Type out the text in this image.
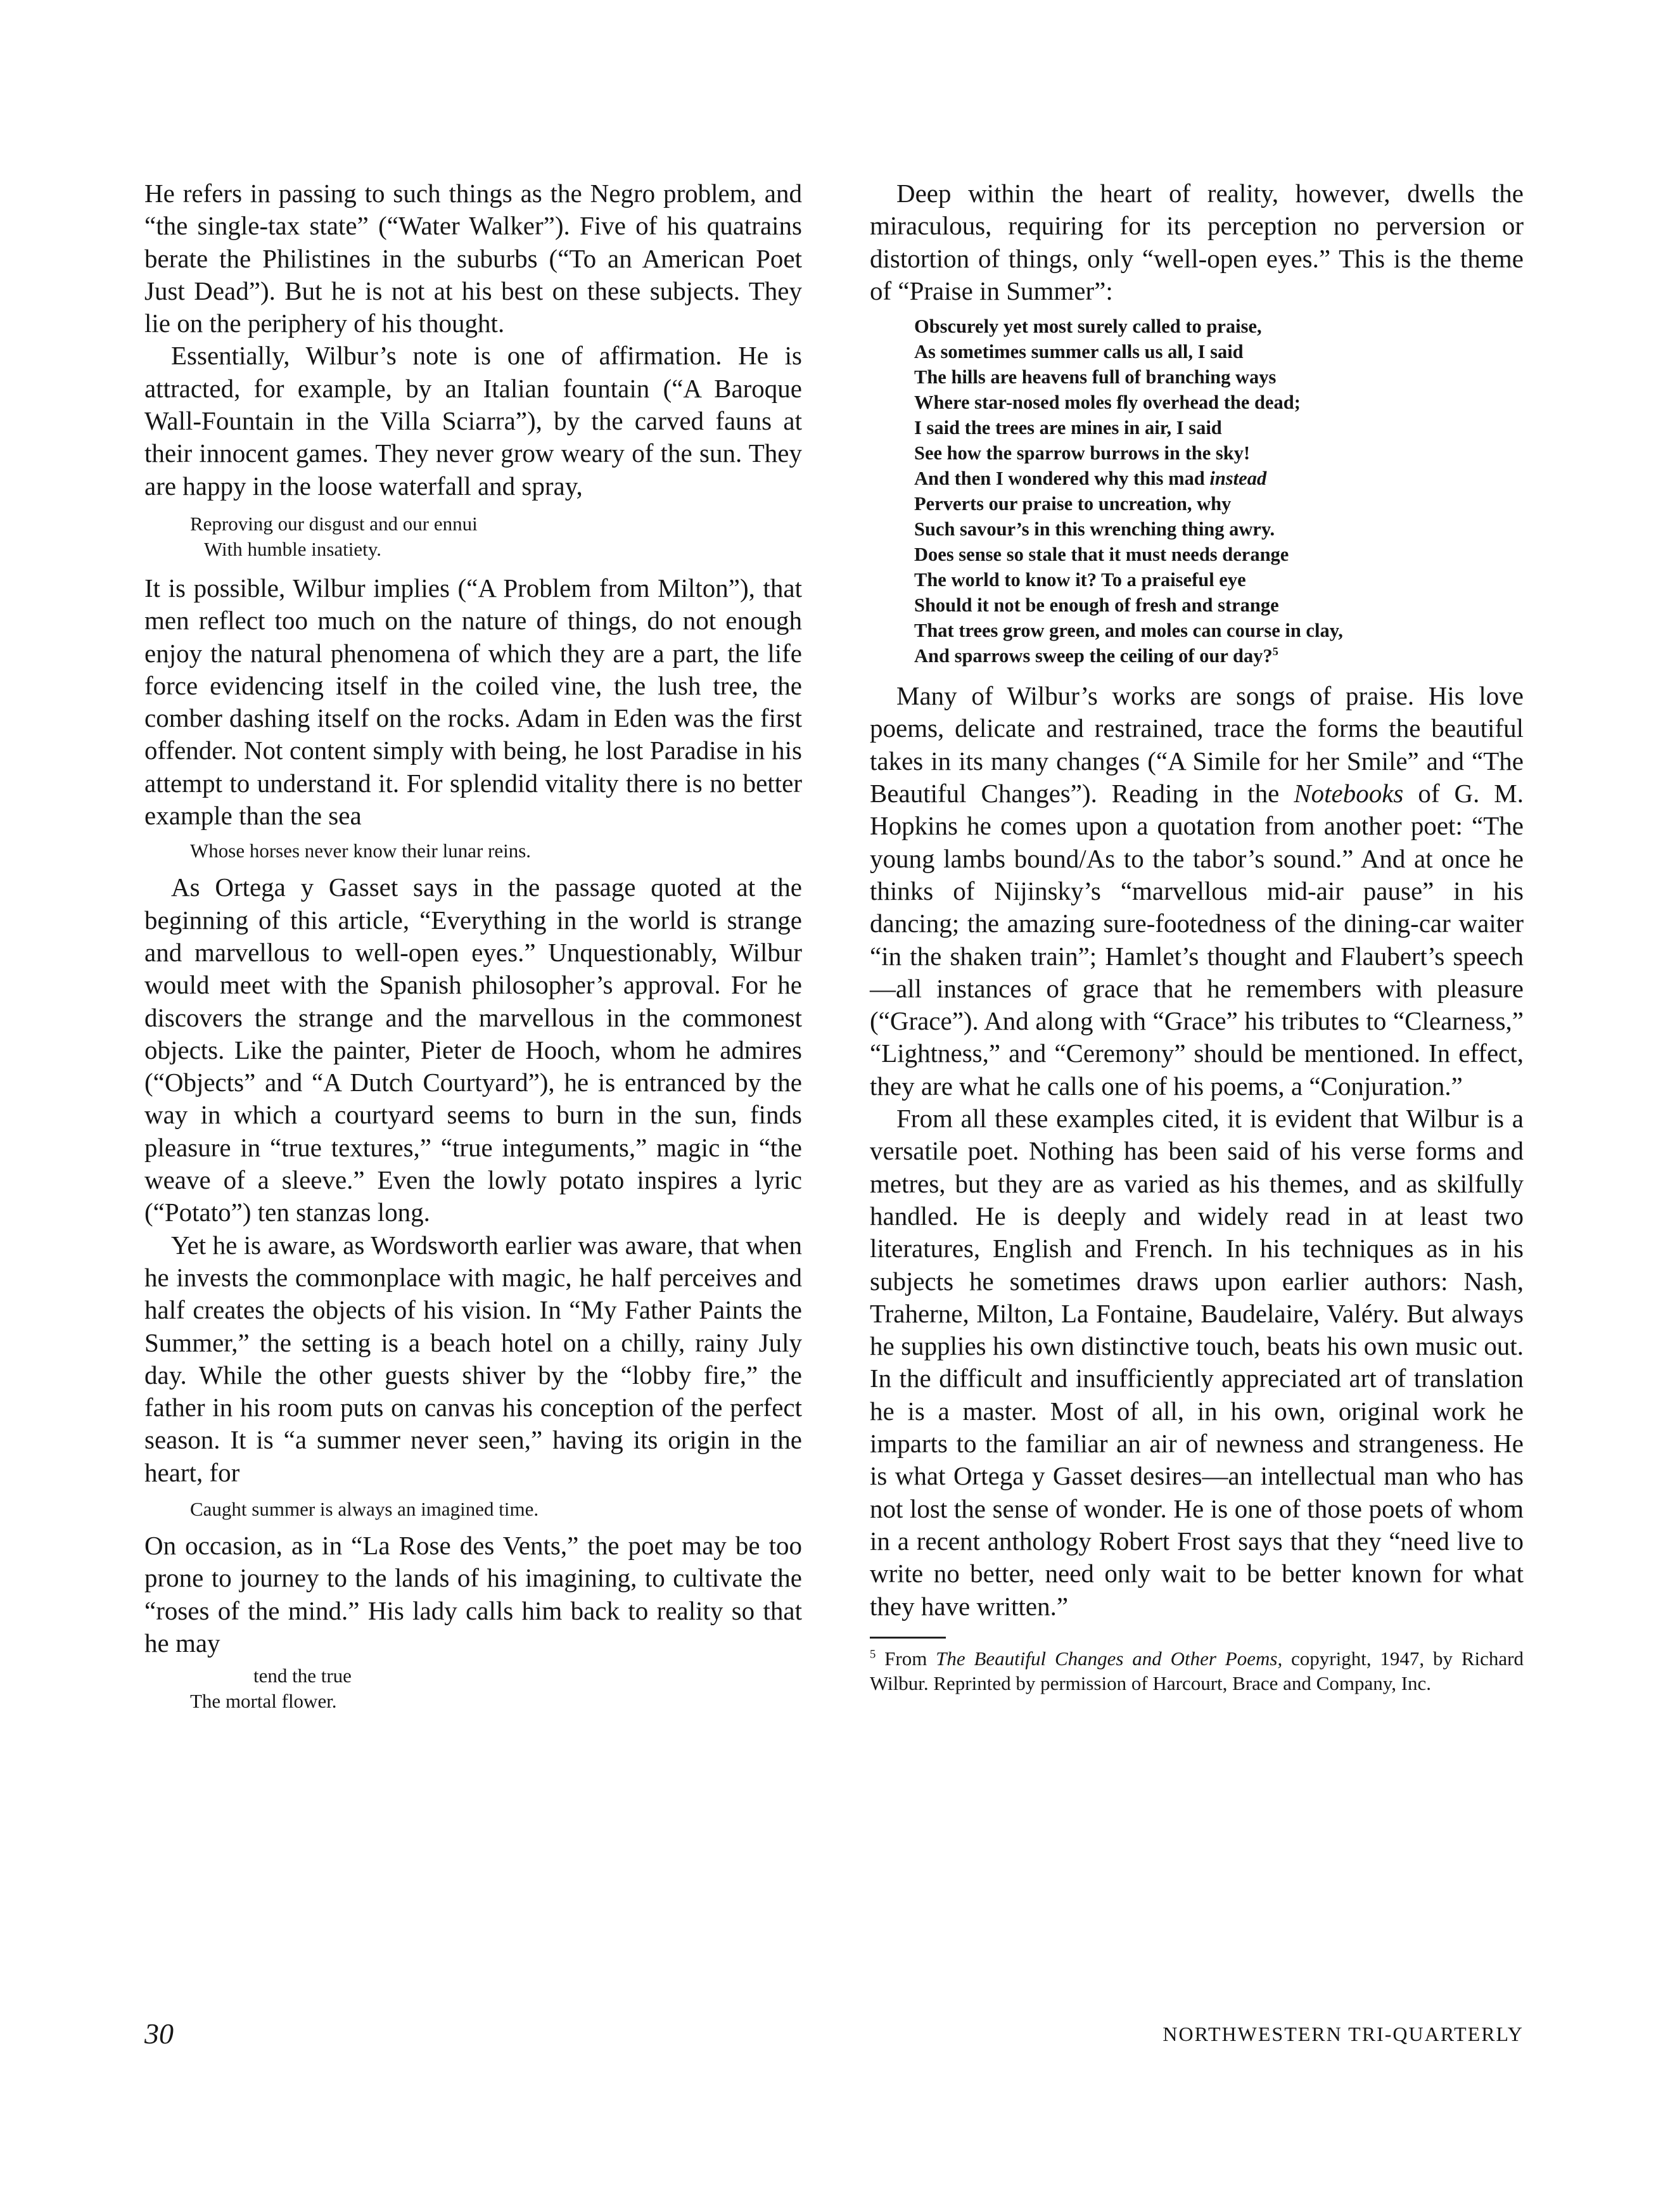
He refers in passing to such things as the Negro problem, and “the single-tax state” (“Water Walker”). Five of his quatrains berate the Philistines in the suburbs (“To an American Poet Just Dead”). But he is not at his best on these subjects. They lie on the periphery of his thought.

Essentially, Wilbur’s note is one of affirmation. He is attracted, for example, by an Italian fountain (“A Baroque Wall-Fountain in the Villa Sciarra”), by the carved fauns at their innocent games. They never grow weary of the sun. They are happy in the loose waterfall and spray,

Reproving our disgust and our ennui
With humble insatiety.

It is possible, Wilbur implies (“A Problem from Milton”), that men reflect too much on the nature of things, do not enough enjoy the natural phenomena of which they are a part, the life force evidencing itself in the coiled vine, the lush tree, the comber dashing itself on the rocks. Adam in Eden was the first offender. Not content simply with being, he lost Paradise in his attempt to understand it. For splendid vitality there is no better example than the sea

Whose horses never know their lunar reins.

As Ortega y Gasset says in the passage quoted at the beginning of this article, “Everything in the world is strange and marvellous to well-open eyes.” Unquestionably, Wilbur would meet with the Spanish philosopher’s approval. For he discovers the strange and the marvellous in the commonest objects. Like the painter, Pieter de Hooch, whom he admires (“Objects” and “A Dutch Courtyard”), he is entranced by the way in which a courtyard seems to burn in the sun, finds pleasure in “true textures,” “true integuments,” magic in “the weave of a sleeve.” Even the lowly potato inspires a lyric (“Potato”) ten stanzas long.

Yet he is aware, as Wordsworth earlier was aware, that when he invests the commonplace with magic, he half perceives and half creates the objects of his vision. In “My Father Paints the Summer,” the setting is a beach hotel on a chilly, rainy July day. While the other guests shiver by the “lobby fire,” the father in his room puts on canvas his conception of the perfect season. It is “a summer never seen,” having its origin in the heart, for

Caught summer is always an imagined time.

On occasion, as in “La Rose des Vents,” the poet may be too prone to journey to the lands of his imagining, to cultivate the “roses of the mind.” His lady calls him back to reality so that he may

tend the true
The mortal flower.

Deep within the heart of reality, however, dwells the miraculous, requiring for its perception no perversion or distortion of things, only “well-open eyes.” This is the theme of “Praise in Summer”:

Obscurely yet most surely called to praise,
As sometimes summer calls us all, I said
The hills are heavens full of branching ways
Where star-nosed moles fly overhead the dead;
I said the trees are mines in air, I said
See how the sparrow burrows in the sky!
And then I wondered why this mad instead
Perverts our praise to uncreation, why
Such savour’s in this wrenching thing awry.
Does sense so stale that it must needs derange
The world to know it? To a praiseful eye
Should it not be enough of fresh and strange
That trees grow green, and moles can course in clay,
And sparrows sweep the ceiling of our day?$^5$

Many of Wilbur’s works are songs of praise. His love poems, delicate and restrained, trace the forms the beautiful takes in its many changes (“A Simile for her Smile” and “The Beautiful Changes”). Reading in the Notebooks of G. M. Hopkins he comes upon a quotation from another poet: “The young lambs bound/As to the tabor’s sound.” And at once he thinks of Nijinsky’s “marvellous mid-air pause” in his dancing; the amazing sure-footedness of the dining-car waiter “in the shaken train”; Hamlet’s thought and Flaubert’s speech—all instances of grace that he remembers with pleasure (“Grace”). And along with “Grace” his tributes to “Clearness,” “Lightness,” and “Ceremony” should be mentioned. In effect, they are what he calls one of his poems, a “Conjuration.”

From all these examples cited, it is evident that Wilbur is a versatile poet. Nothing has been said of his verse forms and metres, but they are as varied as his themes, and as skilfully handled. He is deeply and widely read in at least two literatures, English and French. In his techniques as in his subjects he sometimes draws upon earlier authors: Nash, Traherne, Milton, La Fontaine, Baudelaire, Valéry. But always he supplies his own distinctive touch, beats his own music out. In the difficult and insufficiently appreciated art of translation he is a master. Most of all, in his own, original work he imparts to the familiar an air of newness and strangeness. He is what Ortega y Gasset desires—an intellectual man who has not lost the sense of wonder. He is one of those poets of whom in a recent anthology Robert Frost says that they “need live to write no better, need only wait to be better known for what they have written.”

$^5$ From The Beautiful Changes and Other Poems, copyright, 1947, by Richard Wilbur. Reprinted by permission of Harcourt, Brace and Company, Inc.

30	NORTHWESTERN TRI-QUARTERLY
